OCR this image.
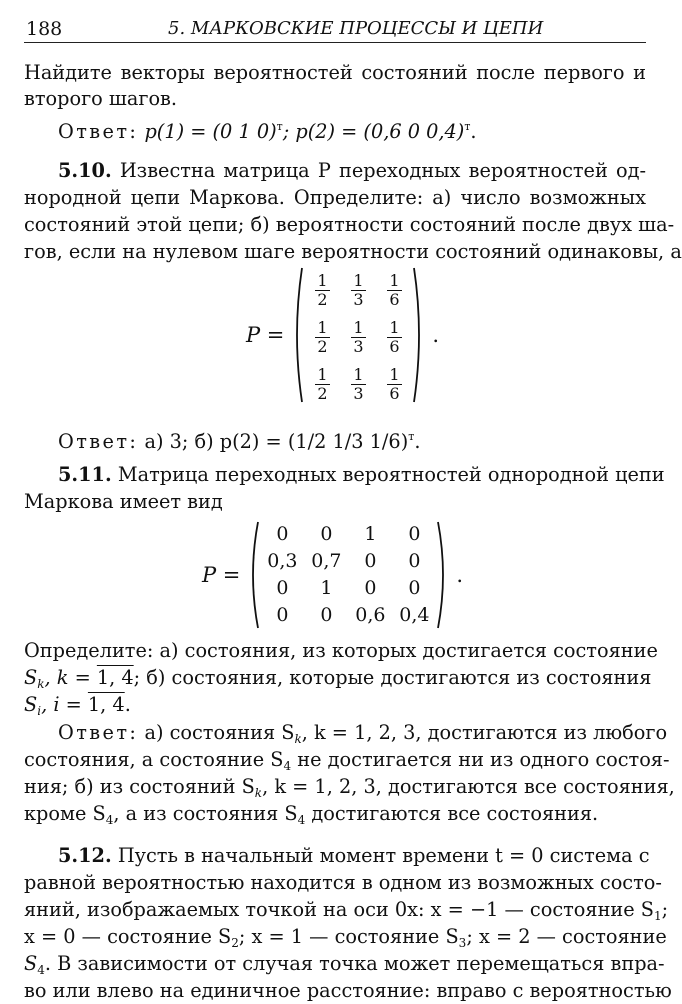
188	5. МАРКОВСКИЕ ПРОЦЕССЫ И ЦЕПИ
Найдите векторы вероятностей состояний после первого и
второго шагов.
Ответ: p(1) = (0 1 0)$^т$; p(2) = (0,6 0 0,4)$^т$.
5.10. Известна матрица P переходных вероятностей од-
нородной цепи Маркова. Определите: а) число возможных
состояний этой цепи; б) вероятности состояний после двух ша-
гов, если на нулевом шаге вероятности состояний одинаковы, а
P =
$\frac{1}{2} \frac{1}{3} \frac{1}{6}$
$\frac{1}{2} \frac{1}{3} \frac{1}{6}$
$\frac{1}{2} \frac{1}{3} \frac{1}{6}$
.
Ответ: а) 3; б) p(2) = (1/2 1/3 1/6)$^т$.
5.11. Матрица переходных вероятностей однородной цепи
Маркова имеет вид
P =
0	0	1	0
0,3 0,7	0	0
0	1	0	0
0	0	0,6 0,4
.
Определите: а) состояния, из которых достигается состояние
$S_k$, k = 1, 4; б) состояния, которые достигаются из состояния
$S_i$, i = 1, 4.
Ответ: а) состояния $S_k$, k = 1, 2, 3, достигаются из любого
состояния, а состояние $S_4$ не достигается ни из одного состоя-
ния; б) из состояний $S_k$, k = 1, 2, 3, достигаются все состояния,
кроме $S_4$, а из состояния $S_4$ достигаются все состояния.
5.12. Пусть в начальный момент времени t = 0 система с
равной вероятностью находится в одном из возможных состо-
яний, изображаемых точкой на оси 0x: x = −1 — состояние $S_1$;
x = 0 — состояние $S_2$; x = 1 — состояние $S_3$; x = 2 — состояние
$S_4$. В зависимости от случая точка может перемещаться впра-
во или влево на единичное расстояние: вправо с вероятностью
